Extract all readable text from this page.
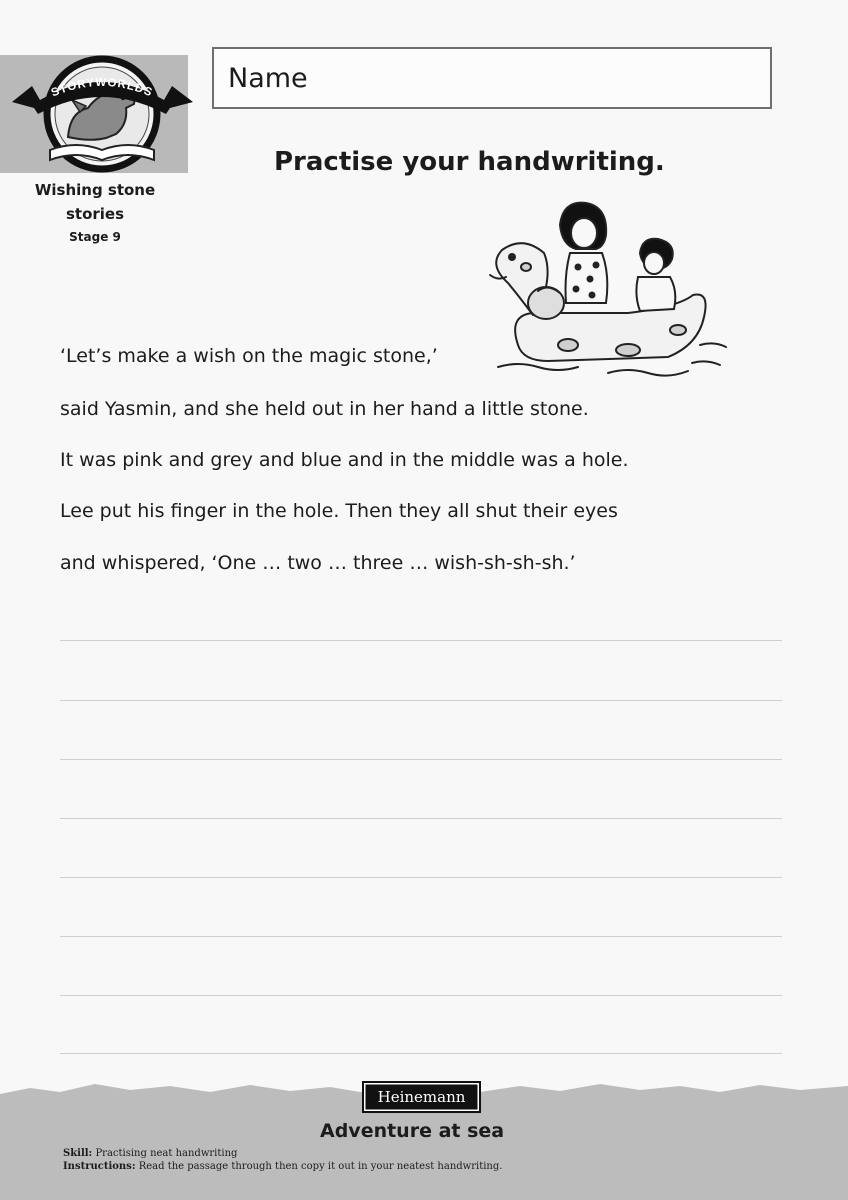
STORYWORLDS
Wishing stone
stories
Stage 9
Name
Practise your handwriting.
‘Let’s make a wish on the magic stone,’
said Yasmin, and she held out in her hand a little stone.
It was pink and grey and blue and in the middle was a hole.
Lee put his finger in the hole. Then they all shut their eyes
and whispered, ‘One … two … three … wish-sh-sh-sh.’
Heinemann
Adventure at sea
Skill: Practising neat handwriting
Instructions: Read the passage through then copy it out in your neatest handwriting.
